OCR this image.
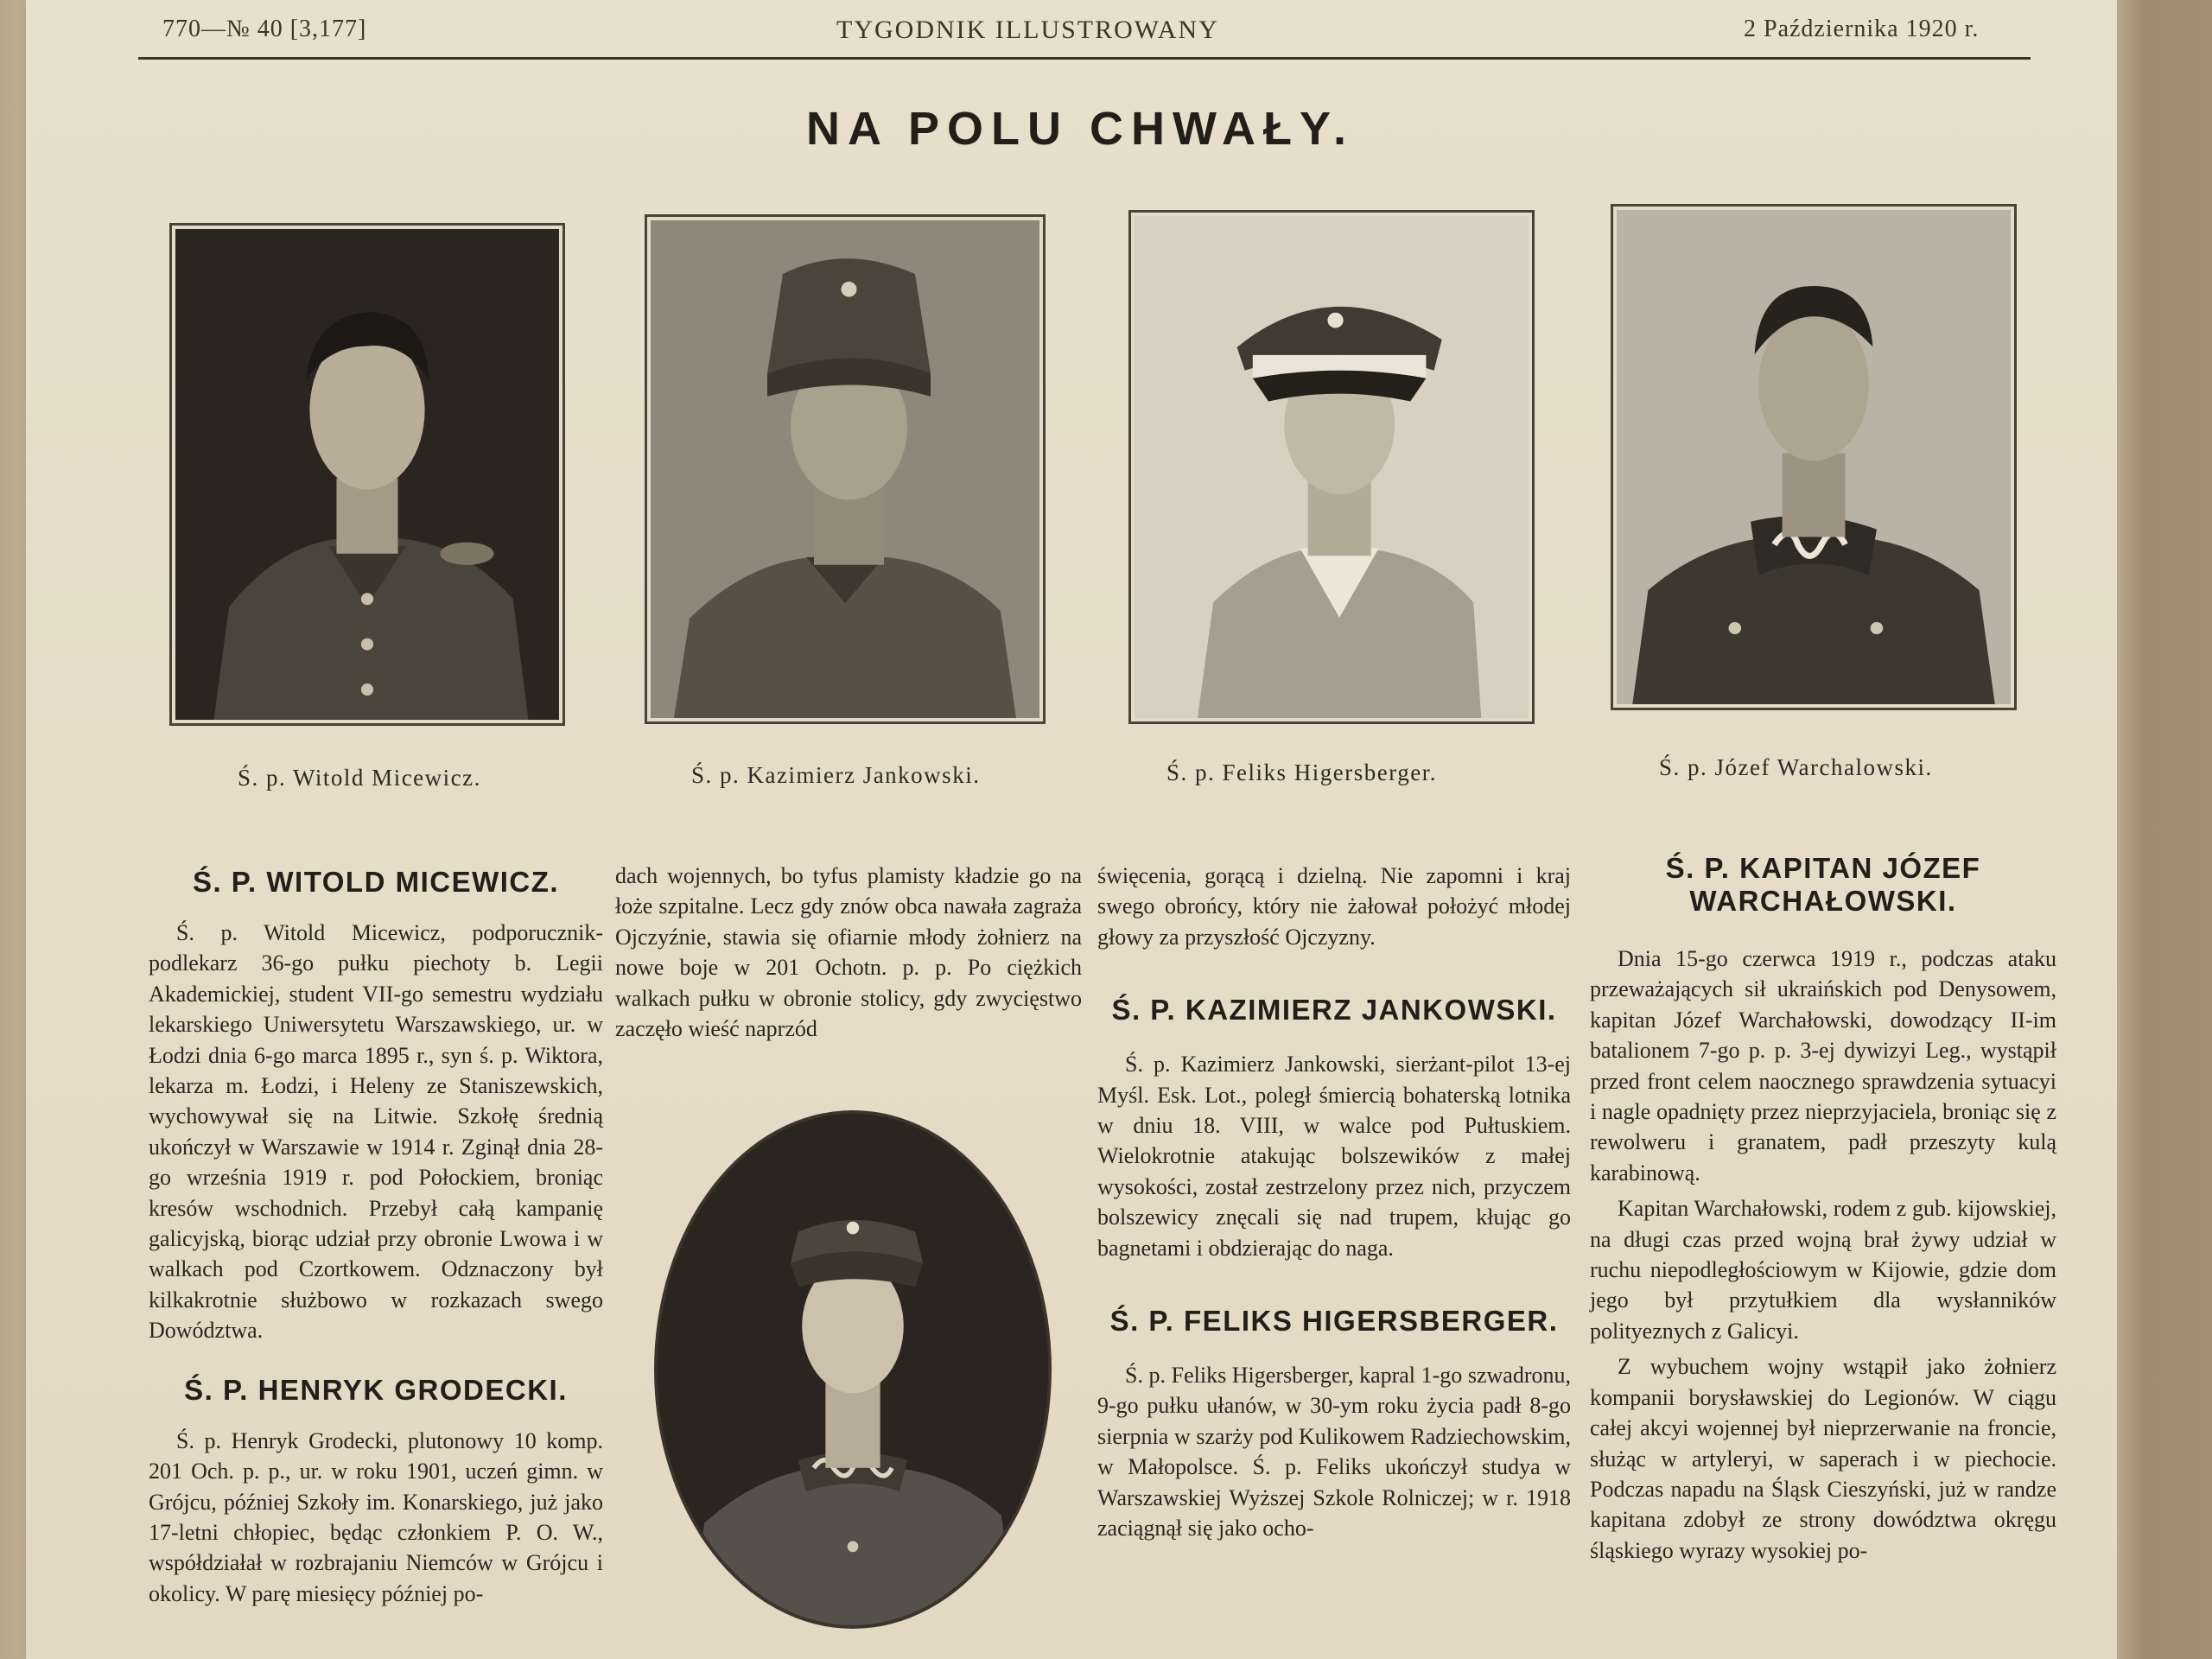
770—№ 40 [3,177]	TYGODNIK ILLUSTROWANY	2 Października 1920 r.
NA POLU CHWAŁY.
Ś. p. Witold Micewicz.	Ś. p. Kazimierz Jankowski.	Ś. p. Feliks Higersberger.	Ś. p. Józef Warchalowski.
Ś. P. WITOLD MICEWICZ.

Ś. p. Witold Micewicz, podporucznik-podlekarz 36-go pułku piechoty b. Legii Akademickiej, student VII-go semestru wydziału lekarskiego Uniwersytetu Warszawskiego, ur. w Łodzi dnia 6-go marca 1895 r., syn ś. p. Wiktora, lekarza m. Łodzi, i Heleny ze Staniszewskich, wychowywał się na Litwie. Szkołę średnią ukończył w Warszawie w 1914 r. Zginął dnia 28-go września 1919 r. pod Połockiem, broniąc kresów wschodnich. Przebył całą kampanię galicyjską, biorąc udział przy obronie Lwowa i w walkach pod Czortkowem. Odznaczony był kilkakrotnie służbowo w rozkazach swego Dowództwa.

Ś. P. HENRYK GRODECKI.

Ś. p. Henryk Grodecki, plutonowy 10 komp. 201 Och. p. p., ur. w roku 1901, uczeń gimn. w Grójcu, później Szkoły im. Konarskiego, już jako 17-letni chłopiec, będąc członkiem P. O. W., współdziałał w rozbrajaniu Niemców w Grójcu i okolicy. W parę miesięcy później po-

dach wojennych, bo tyfus plamisty kładzie go na łoże szpitalne. Lecz gdy znów obca nawała zagraża Ojczyźnie, stawia się ofiarnie młody żołnierz na nowe boje w 201 Ochotn. p. p. Po ciężkich walkach pułku w obronie stolicy, gdy zwycięstwo zaczęło wieść naprzód

święcenia, gorącą i dzielną. Nie zapomni i kraj swego obrońcy, który nie żałował położyć młodej głowy za przyszłość Ojczyzny.

Ś. P. KAZIMIERZ JANKOWSKI.

Ś. p. Kazimierz Jankowski, sierżant-pilot 13-ej Myśl. Esk. Lot., poległ śmiercią bohaterską lotnika w dniu 18. VIII, w walce pod Pułtuskiem. Wielokrotnie atakując bolszewików z małej wysokości, został zestrzelony przez nich, przyczem bolszewicy znęcali się nad trupem, kłując go bagnetami i obdzierając do naga.

Ś. P. FELIKS HIGERSBERGER.

Ś. p. Feliks Higersberger, kapral 1-go szwadronu, 9-go pułku ułanów, w 30-ym roku życia padł 8-go sierpnia w szarży pod Kulikowem Radziechowskim, w Małopolsce. Ś. p. Feliks ukończył studya w Warszawskiej Wyższej Szkole Rolniczej; w r. 1918 zaciągnął się jako ocho-

Ś. P. KAPITAN JÓZEF WARCHAŁOWSKI.

Dnia 15-go czerwca 1919 r., podczas ataku przeważających sił ukraińskich pod Denysowem, kapitan Józef Warchałowski, dowodzący II-im batalionem 7-go p. p. 3-ej dywizyi Leg., wystąpił przed front celem naocznego sprawdzenia sytuacyi i nagle opadnięty przez nieprzyjaciela, broniąc się z rewolweru i granatem, padł przeszyty kulą karabinową.

Kapitan Warchałowski, rodem z gub. kijowskiej, na długi czas przed wojną brał żywy udział w ruchu niepodległościowym w Kijowie, gdzie dom jego był przytułkiem dla wysłanników polityeznych z Galicyi.

Z wybuchem wojny wstąpił jako żołnierz kompanii borysławskiej do Legionów. W ciągu całej akcyi wojennej był nieprzerwanie na froncie, służąc w artyleryi, w saperach i w piechocie. Podczas napadu na Śląsk Cieszyński, już w randze kapitana zdobył ze strony dowództwa okręgu śląskiego wyrazy wysokiej po-
